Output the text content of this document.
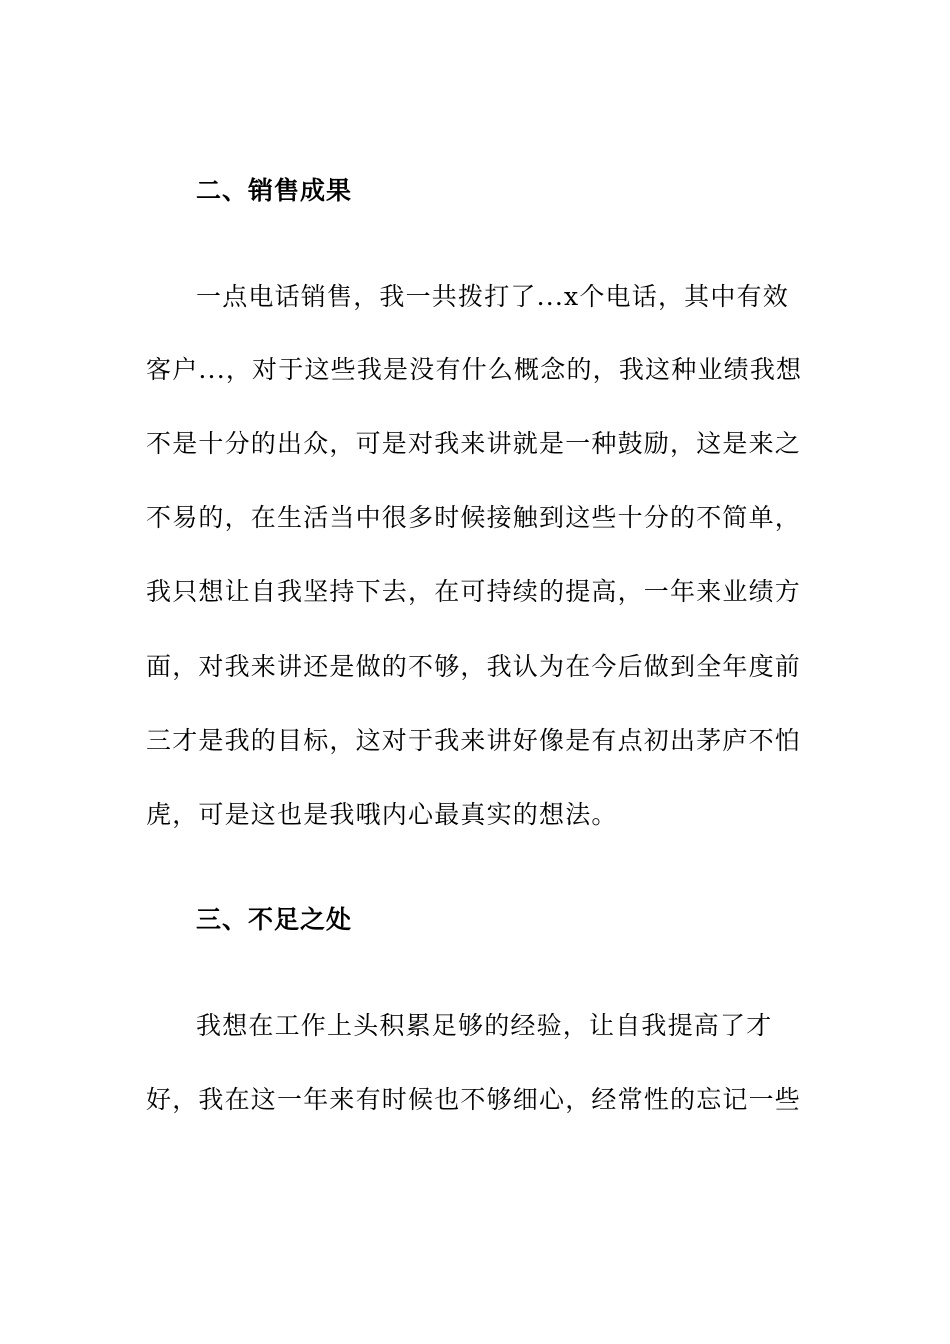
二、销售成果
一点电话销售，我一共拨打了...x个电话，其中有效
客户...，对于这些我是没有什么概念的，我这种业绩我想
不是十分的出众，可是对我来讲就是一种鼓励，这是来之
不易的，在生活当中很多时候接触到这些十分的不简单，
我只想让自我坚持下去，在可持续的提高，一年来业绩方
面，对我来讲还是做的不够，我认为在今后做到全年度前
三才是我的目标，这对于我来讲好像是有点初出茅庐不怕
虎，可是这也是我哦内心最真实的想法。
三、不足之处
我想在工作上头积累足够的经验，让自我提高了才
好，我在这一年来有时候也不够细心，经常性的忘记一些
